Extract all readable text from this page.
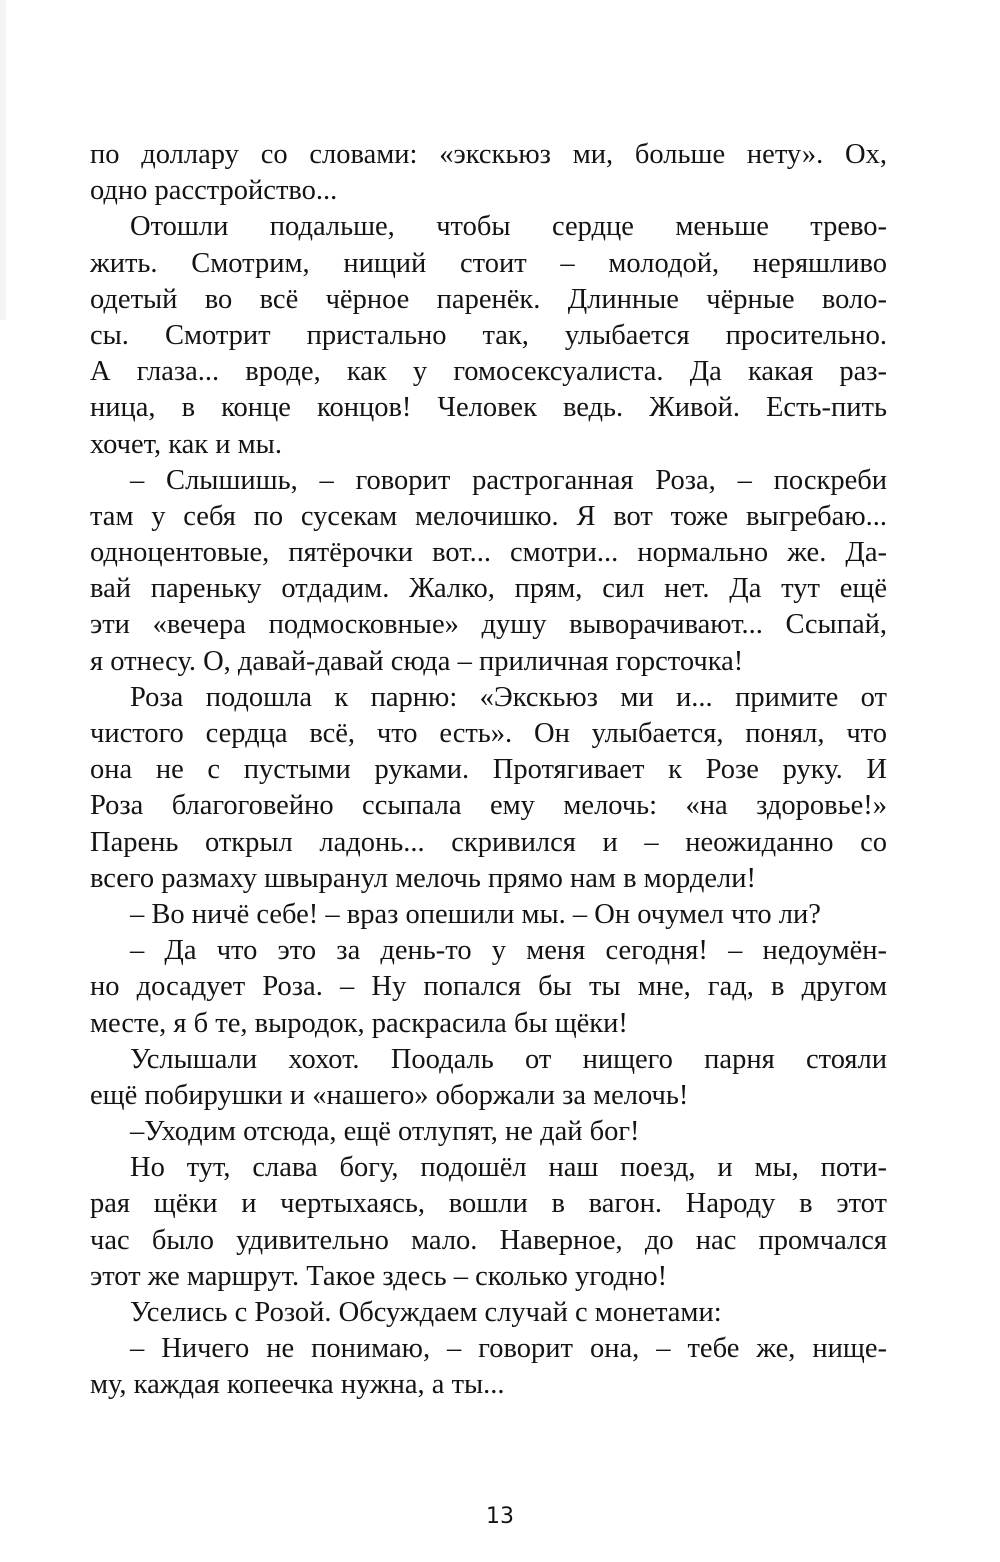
по доллару со словами: «экскьюз ми, больше нету». Ох,
одно расстройство...
Отошли подальше, чтобы сердце меньше трево-
жить. Смотрим, нищий стоит – молодой, неряшливо
одетый во всё чёрное паренёк. Длинные чёрные воло-
сы. Смотрит пристально так, улыбается просительно.
А глаза... вроде, как у гомосексуалиста. Да какая раз-
ница, в конце концов! Человек ведь. Живой. Есть-пить
хочет, как и мы.
– Слышишь, – говорит растроганная Роза, – поскреби
там у себя по сусекам мелочишко. Я вот тоже выгребаю...
одноцентовые, пятёрочки вот... смотри... нормально же. Да-
вай пареньку отдадим. Жалко, прям, сил нет. Да тут ещё
эти «вечера подмосковные» душу выворачивают... Ссыпай,
я отнесу. О, давай-давай сюда – приличная горсточка!
Роза подошла к парню: «Экскьюз ми и... примите от
чистого сердца всё, что есть». Он улыбается, понял, что
она не с пустыми руками. Протягивает к Розе руку. И
Роза благоговейно ссыпала ему мелочь: «на здоровье!»
Парень открыл ладонь... скривился и – неожиданно со
всего размаху швыранул мелочь прямо нам в мордели!
– Во ничё себе! – враз опешили мы. – Он очумел что ли?
– Да что это за день-то у меня сегодня! – недоумён-
но досадует Роза. – Ну попался бы ты мне, гад, в другом
месте, я б те, выродок, раскрасила бы щёки!
Услышали хохот. Поодаль от нищего парня стояли
ещё побирушки и «нашего» оборжали за мелочь!
–Уходим отсюда, ещё отлупят, не дай бог!
Но тут, слава богу, подошёл наш поезд, и мы, поти-
рая щёки и чертыхаясь, вошли в вагон. Народу в этот
час было удивительно мало. Наверное, до нас промчался
этот же маршрут. Такое здесь – сколько угодно!
Уселись с Розой. Обсуждаем случай с монетами:
– Ничего не понимаю, – говорит она, – тебе же, нище-
му, каждая копеечка нужна, а ты...
13
